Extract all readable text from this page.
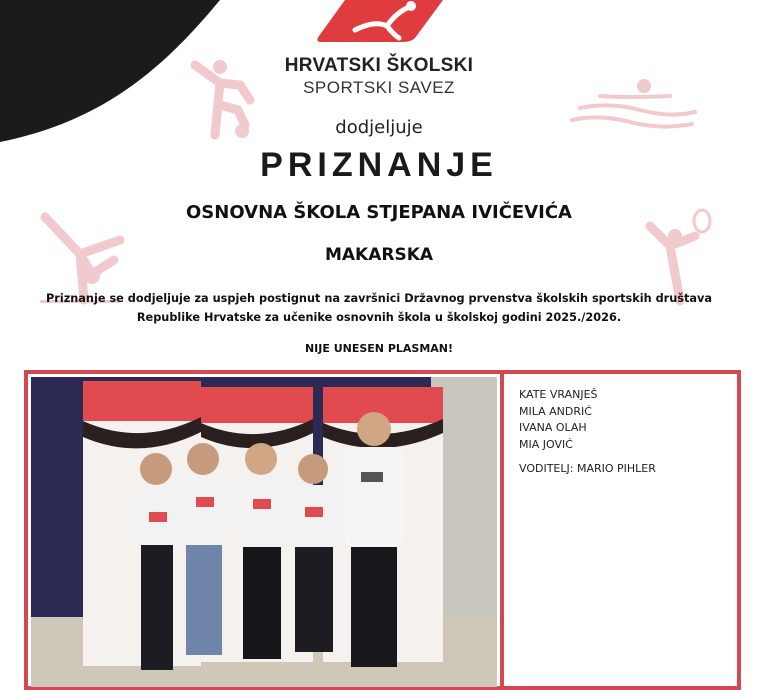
HRVATSKI ŠKOLSKI
SPORTSKI SAVEZ
dodjeljuje
PRIZNANJE
OSNOVNA ŠKOLA STJEPANA IVIČEVIĆA
MAKARSKA
Priznanje se dodjeljuje za uspjeh postignut na završnici Državnog prvenstva školskih sportskih društava
Republike Hrvatske za učenike osnovnih škola u školskoj godini 2025./2026.
NIJE UNESEN PLASMAN!
KATE VRANJEŠ
MILA ANDRIĆ
IVANA OLAH
MIA JOVIĆ
VODITELJ: MARIO PIHLER
